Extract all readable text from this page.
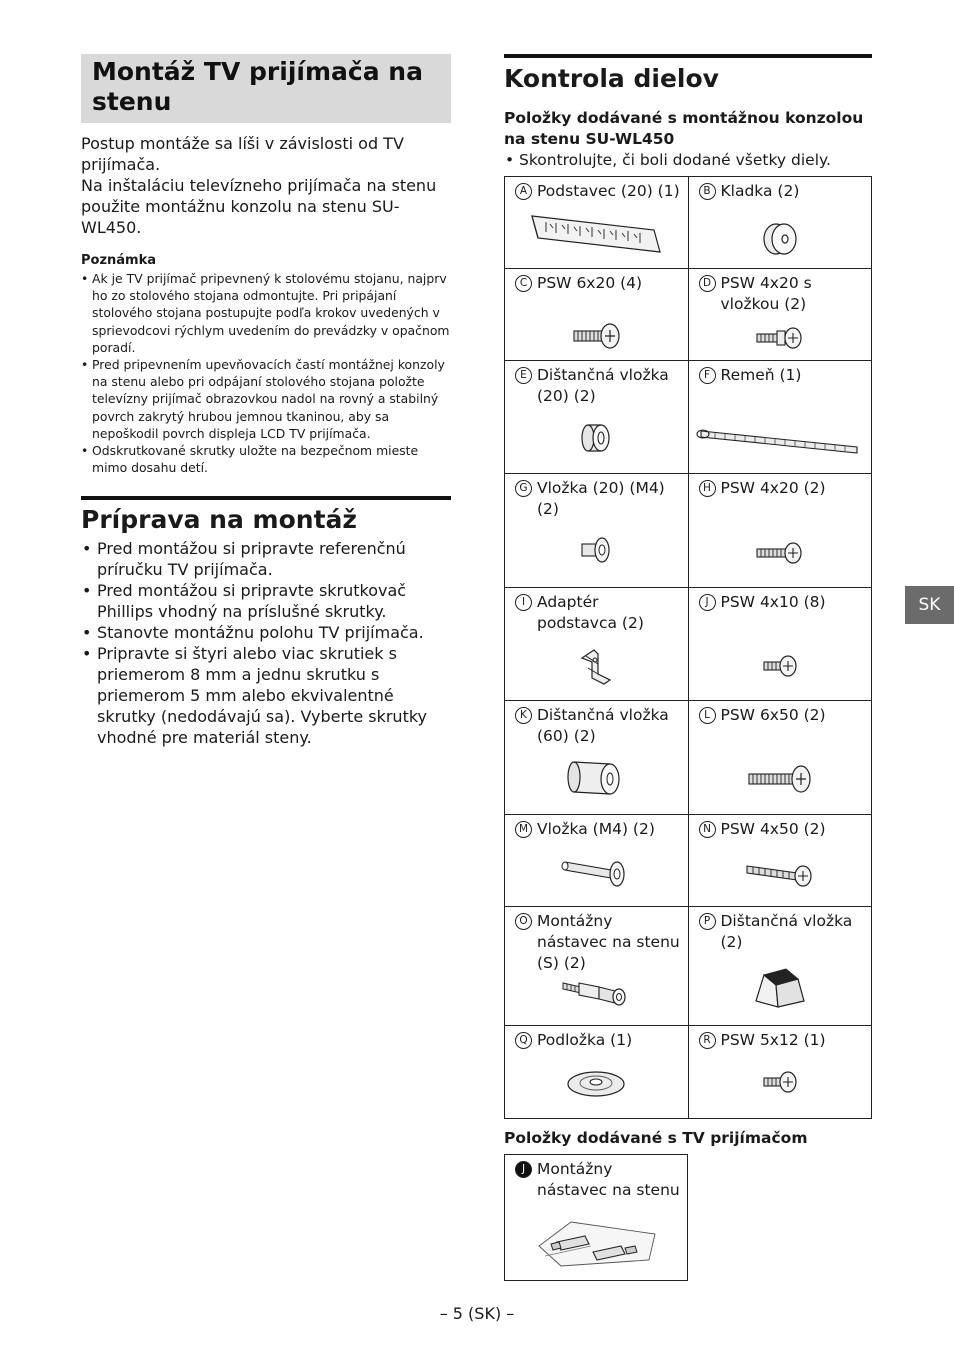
Montáž TV prijímača na stenu

Postup montáže sa líši v závislosti od TV prijímača.

Na inštaláciu televízneho prijímača na stenu použite montážnu konzolu na stenu SU-WL450.

Poznámka
• Ak je TV prijímač pripevnený k stolovému stojanu, najprv ho zo stolového stojana odmontujte. Pri pripájaní stolového stojana postupujte podľa krokov uvedených v sprievodcovi rýchlym uvedením do prevádzky v opačnom poradí.
• Pred pripevnením upevňovacích častí montážnej konzoly na stenu alebo pri odpájaní stolového stojana položte televízny prijímač obrazovkou nadol na rovný a stabilný povrch zakrytý hrubou jemnou tkaninou, aby sa nepoškodil povrch displeja LCD TV prijímača.
• Odskrutkované skrutky uložte na bezpečnom mieste mimo dosahu detí.
Príprava na montáž
• Pred montážou si pripravte referenčnú príručku TV prijímača.
• Pred montážou si pripravte skrutkovač Phillips vhodný na príslušné skrutky.
• Stanovte montážnu polohu TV prijímača.
• Pripravte si štyri alebo viac skrutiek s priemerom 8 mm a jednu skrutku s priemerom 5 mm alebo ekvivalentné skrutky (nedodávajú sa). Vyberte skrutky vhodné pre materiál steny.
Kontrola dielov
Položky dodávané s montážnou konzolou na stenu SU-WL450
• Skontrolujte, či boli dodané všetky diely.
A Podstavec (20) (1)	B Kladka (2)

C PSW 6x20 (4)	D PSW 4x20 s vložkou (2)

E Dištančná vložka (20) (2)	F Remeň (1)

G Vložka (20) (M4) (2)	H PSW 4x20 (2)

I Adaptér podstavca (2)	J PSW 4x10 (8)

K Dištančná vložka (60) (2)	L PSW 6x50 (2)

M Vložka (M4) (2)	N PSW 4x50 (2)

O Montážny nástavec na stenu (S) (2)	P Dištančná vložka (2)

Q Podložka (1)	R PSW 5x12 (1)
Položky dodávané s TV prijímačom
J Montážny nástavec na stenu
SK
– 5 (SK) –
